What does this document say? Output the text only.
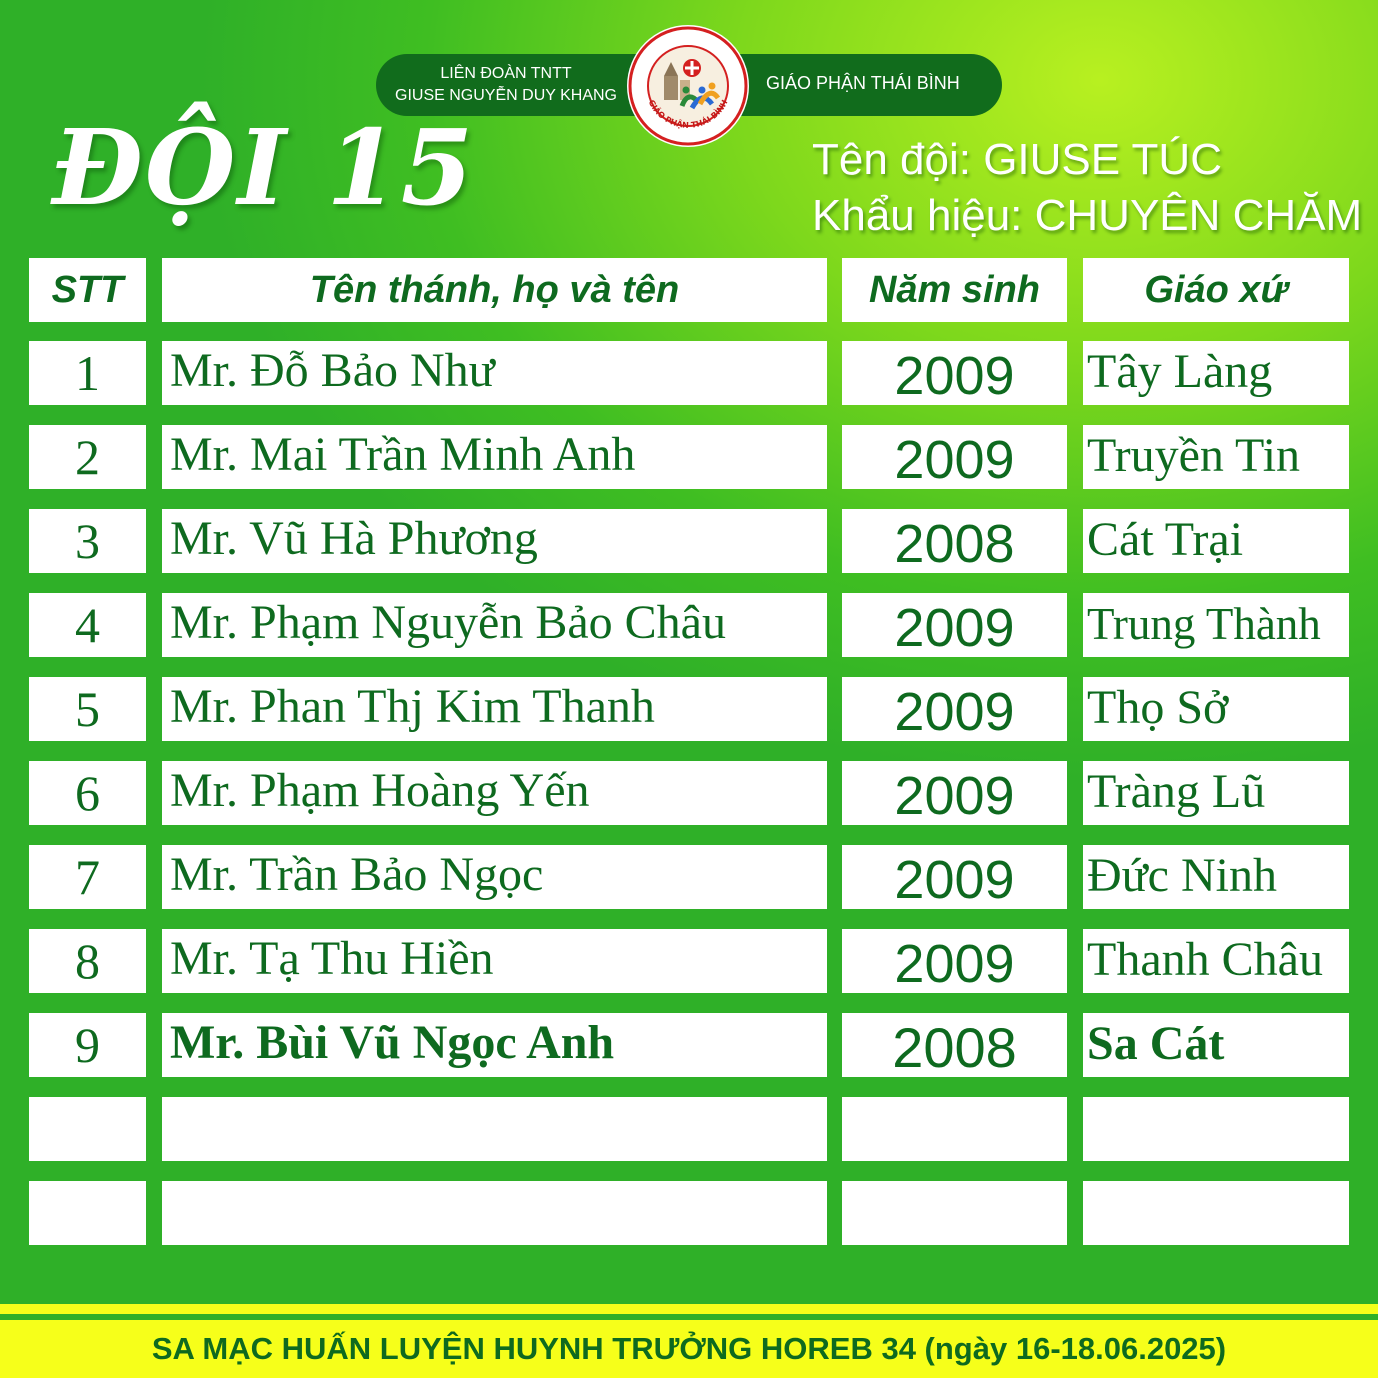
LIÊN ĐOÀN TNTT
GIUSE NGUYỄN DUY KHANG
GIÁO PHẬN THÁI BÌNH
GIÁO PHẬN THÁI BÌNH
ĐỘI 15	Tên đội: GIUSE TÚC
Khẩu hiệu: CHUYÊN CHĂM
STT	Tên thánh, họ và tên	Năm sinh	Giáo xứ
1	Mr. Đỗ Bảo Như	2009	Tây Làng
2	Mr. Mai Trần Minh Anh	2009	Truyền Tin
3	Mr. Vũ Hà Phương	2008	Cát Trại
4	Mr. Phạm Nguyễn Bảo Châu	2009	Trung Thành
5	Mr. Phan Thj Kim Thanh	2009	Thọ Sở
6	Mr. Phạm Hoàng Yến	2009	Tràng Lũ
7	Mr. Trần Bảo Ngọc	2009	Đức Ninh
8	Mr. Tạ Thu Hiền	2009	Thanh Châu
9	Mr. Bùi Vũ Ngọc Anh	2008	Sa Cát
SA MẠC HUẤN LUYỆN HUYNH TRƯỞNG HOREB 34 (ngày 16-18.06.2025)
